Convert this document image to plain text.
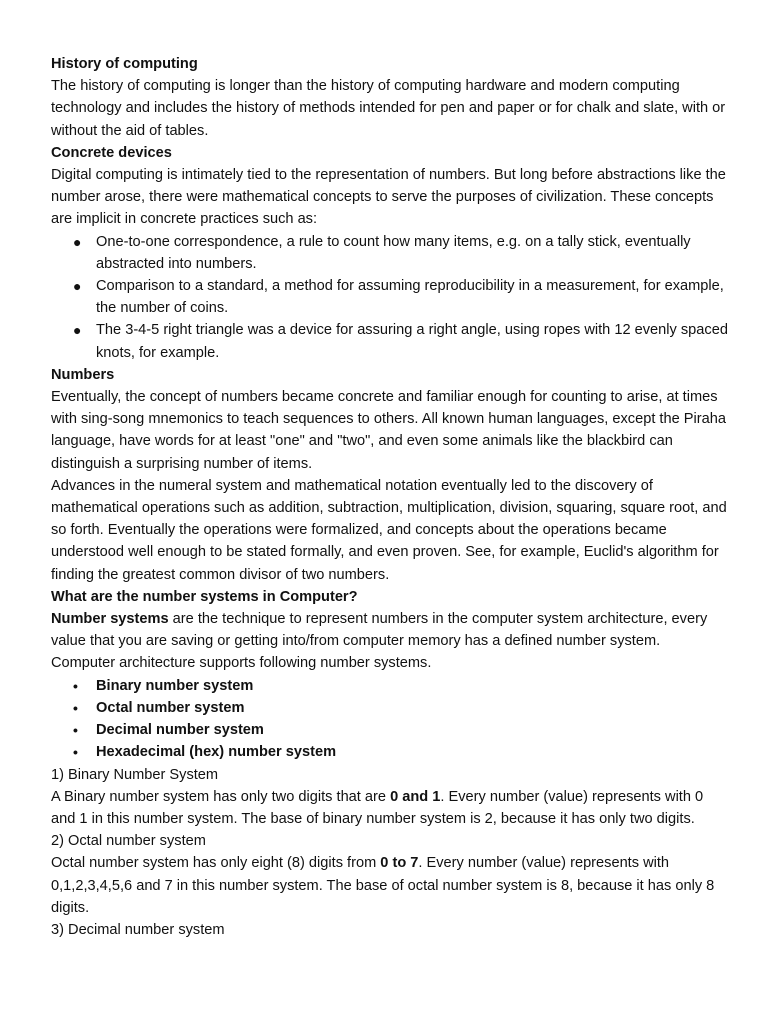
History of computing

The history of computing is longer than the history of computing hardware and modern computing technology and includes the history of methods intended for pen and paper or for chalk and slate, with or without the aid of tables.

Concrete devices

Digital computing is intimately tied to the representation of numbers. But long before abstractions like the number arose, there were mathematical concepts to serve the purposes of civilization. These concepts are implicit in concrete practices such as:

● One-to-one correspondence, a rule to count how many items, e.g. on a tally stick, eventually abstracted into numbers.
● Comparison to a standard, a method for assuming reproducibility in a measurement, for example, the number of coins.
● The 3-4-5 right triangle was a device for assuring a right angle, using ropes with 12 evenly spaced knots, for example.

Numbers

Eventually, the concept of numbers became concrete and familiar enough for counting to arise, at times with sing-song mnemonics to teach sequences to others. All known human languages, except the Piraha language, have words for at least "one" and "two", and even some animals like the blackbird can distinguish a surprising number of items.

Advances in the numeral system and mathematical notation eventually led to the discovery of mathematical operations such as addition, subtraction, multiplication, division, squaring, square root, and so forth. Eventually the operations were formalized, and concepts about the operations became understood well enough to be stated formally, and even proven. See, for example, Euclid's algorithm for finding the greatest common divisor of two numbers.

What are the number systems in Computer?

Number systems are the technique to represent numbers in the computer system architecture, every value that you are saving or getting into/from computer memory has a defined number system.

Computer architecture supports following number systems.

• Binary number system
• Octal number system
• Decimal number system
• Hexadecimal (hex) number system

1) Binary Number System

A Binary number system has only two digits that are 0 and 1. Every number (value) represents with 0 and 1 in this number system. The base of binary number system is 2, because it has only two digits.

2) Octal number system

Octal number system has only eight (8) digits from 0 to 7. Every number (value) represents with 0,1,2,3,4,5,6 and 7 in this number system. The base of octal number system is 8, because it has only 8 digits.

3) Decimal number system
